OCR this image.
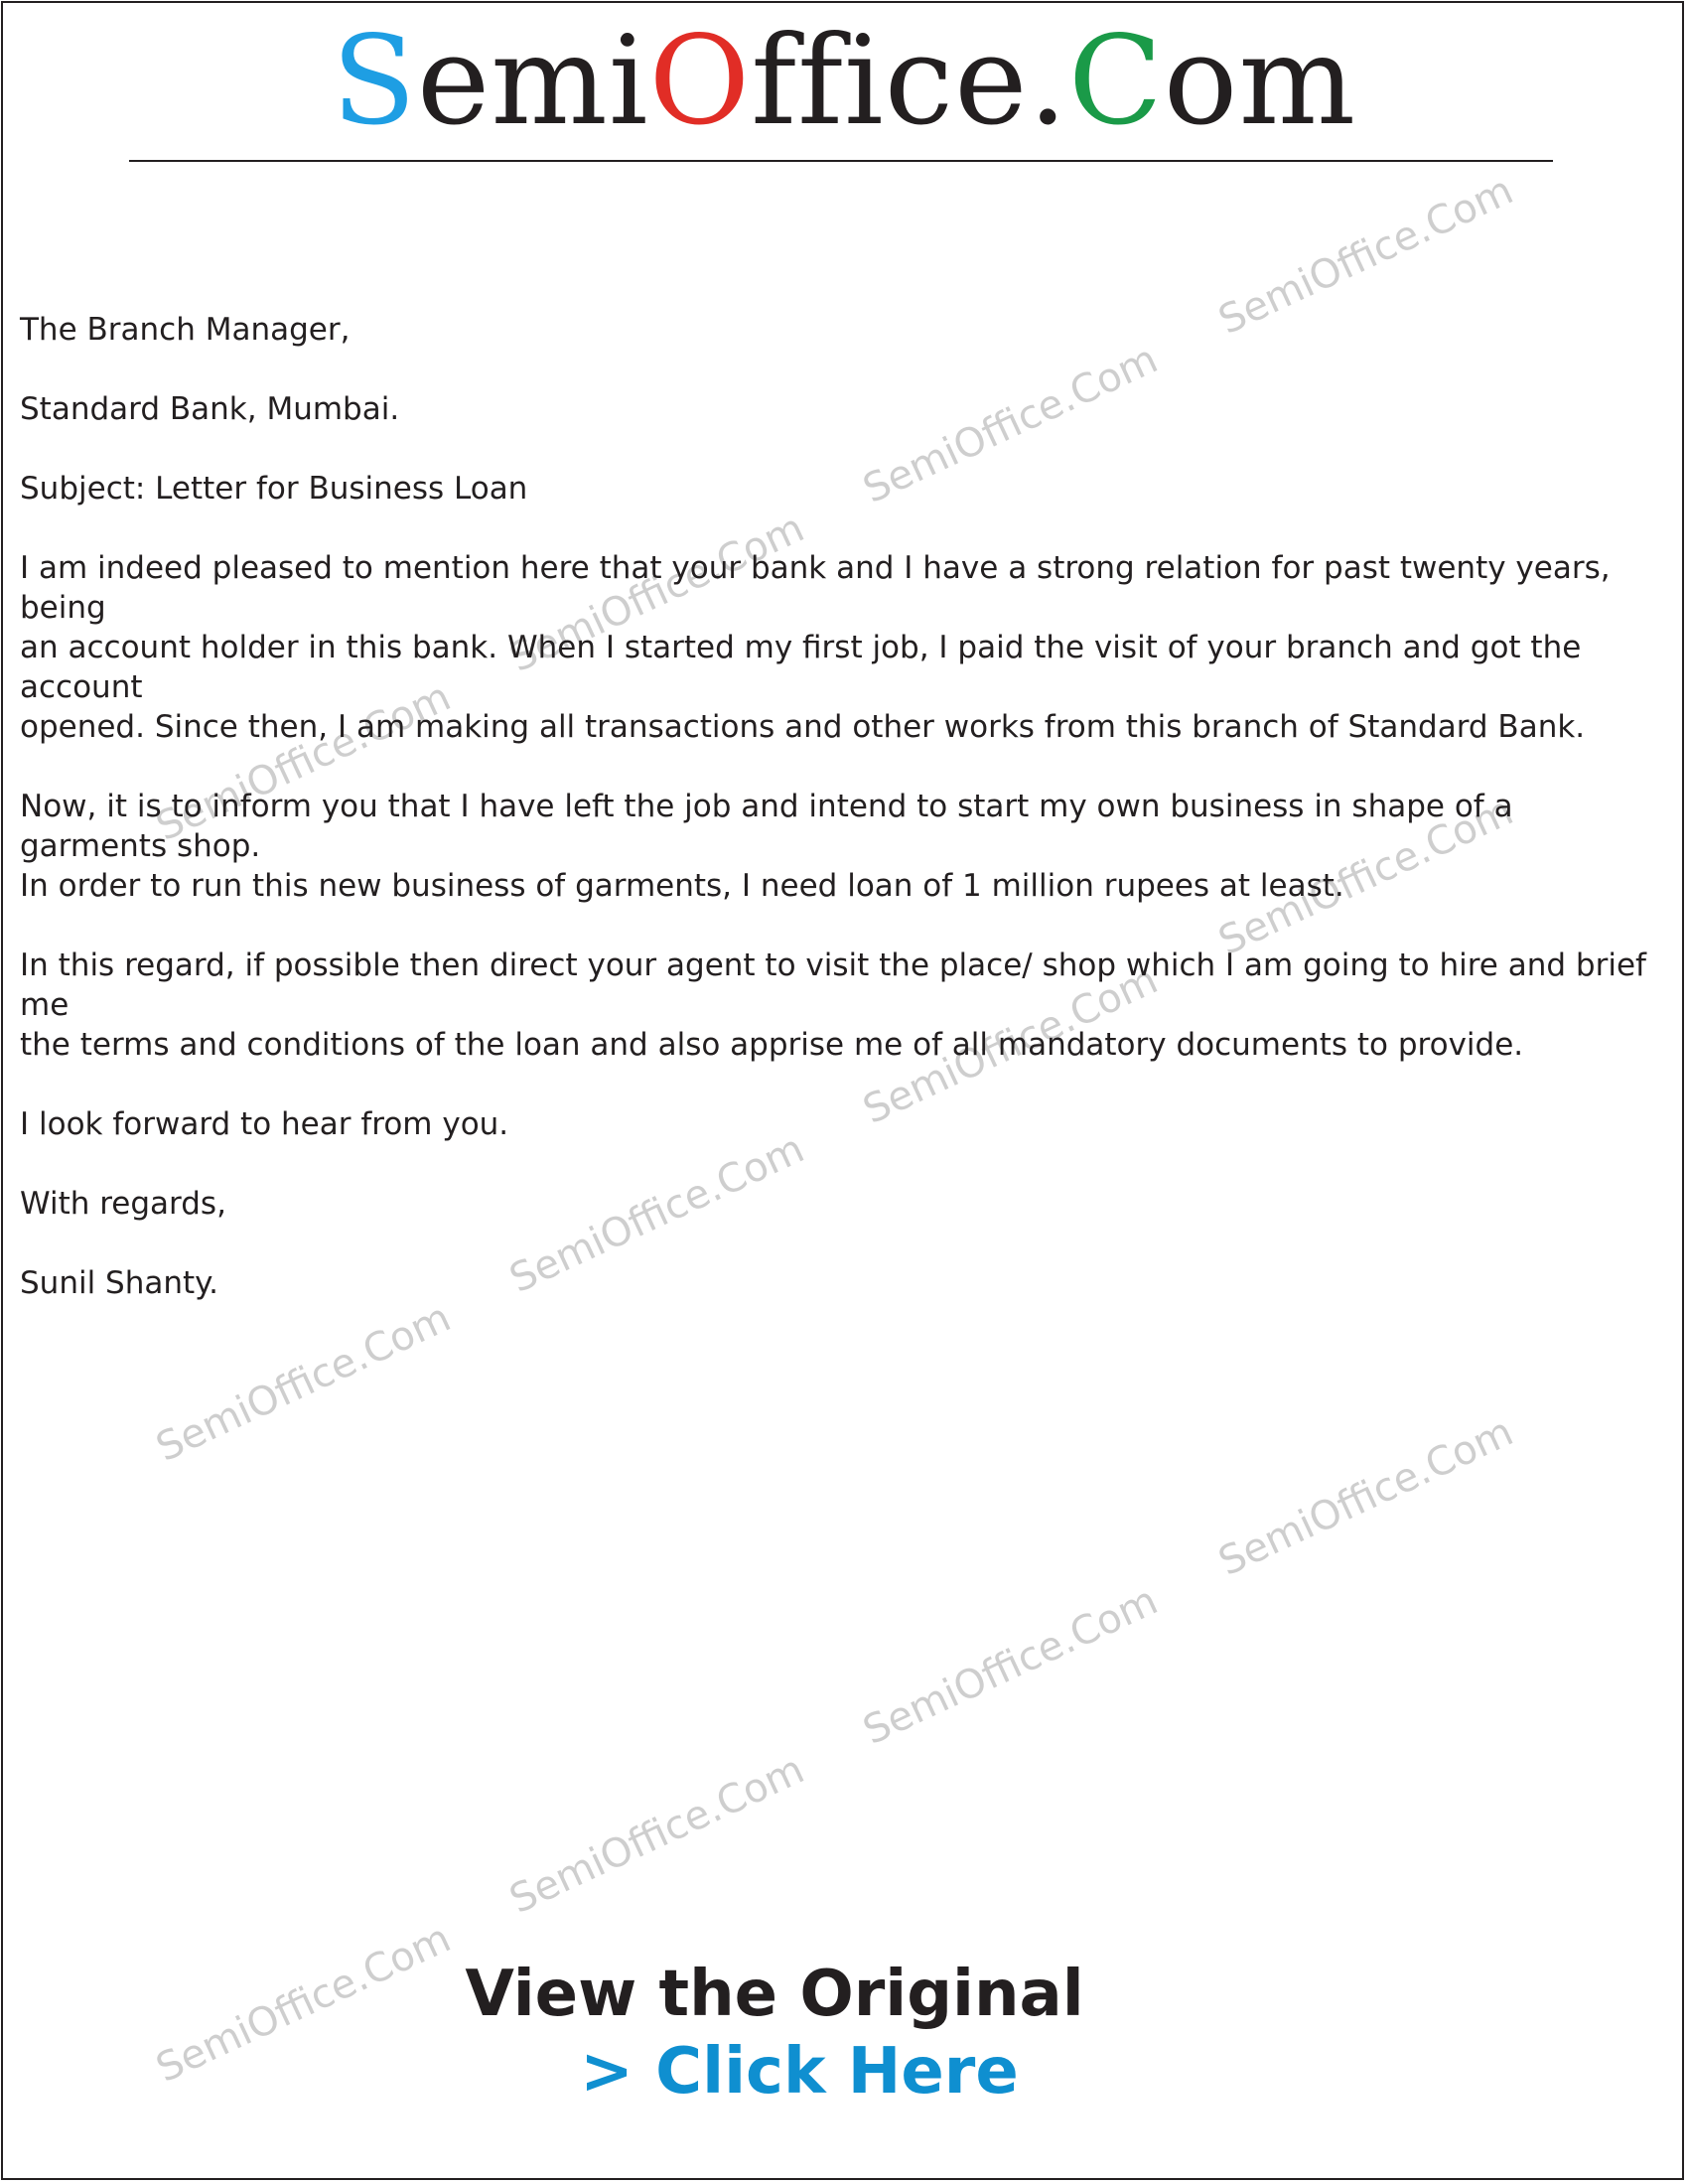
SemiOffice.Com
SemiOffice.Com
SemiOffice.Com
SemiOffice.Com
SemiOffice.Com
SemiOffice.Com
SemiOffice.Com
SemiOffice.Com
SemiOffice.Com
SemiOffice.Com
SemiOffice.Com
SemiOffice.Com
SemiOffice.Com

The Branch Manager,

Standard Bank, Mumbai.

Subject: Letter for Business Loan

I am indeed pleased to mention here that your bank and I have a strong relation for past twenty years, being
an account holder in this bank. When I started my first job, I paid the visit of your branch and got the account
opened. Since then, I am making all transactions and other works from this branch of Standard Bank.

Now, it is to inform you that I have left the job and intend to start my own business in shape of a garments shop.
In order to run this new business of garments, I need loan of 1 million rupees at least.

In this regard, if possible then direct your agent to visit the place/ shop which I am going to hire and brief me
the terms and conditions of the loan and also apprise me of all mandatory documents to provide.

I look forward to hear from you.

With regards,

Sunil Shanty.

View the Original
> Click Here
